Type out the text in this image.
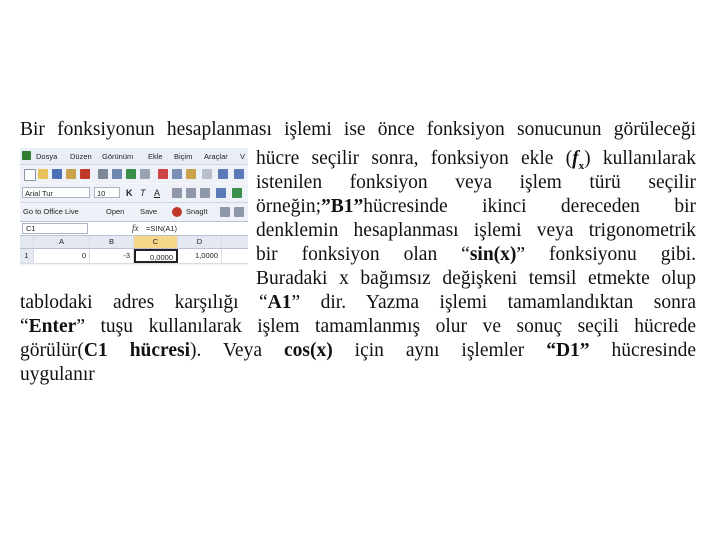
Bir fonksiyonun hesaplanması işlemi ise önce fonksiyon sonucunun görüleceği
hücre seçilir sonra, fonksiyon ekle $(f_x)$ kullanılarak
istenilen fonksiyon veya işlem türü seçilir
örneğin;”B1”hücresinde ikinci dereceden bir
denklemin hesaplanması işlemi veya trigonometrik
bir fonksiyon olan “sin(x)” fonksiyonu gibi.
Buradaki x bağımsız değişkeni temsil etmekte olup
tablodaki adres karşılığı “A1” dir. Yazma işlemi tamamlandıktan sonra
“Enter” tuşu kullanılarak işlem tamamlanmış olur ve sonuç seçili hücrede
görülür(C1 hücresi). Veya cos(x) için aynı işlemler “D1” hücresinde
uygulanır
Dosya Düzen Görünüm Ekle Biçim Araçlar V
Arial Tur	10	K T A
Go to Office Live	Open Save	SnagIt
C1	fx =SIN(A1)
A	B	C	D
1	0	-3	0,0000	1,0000
